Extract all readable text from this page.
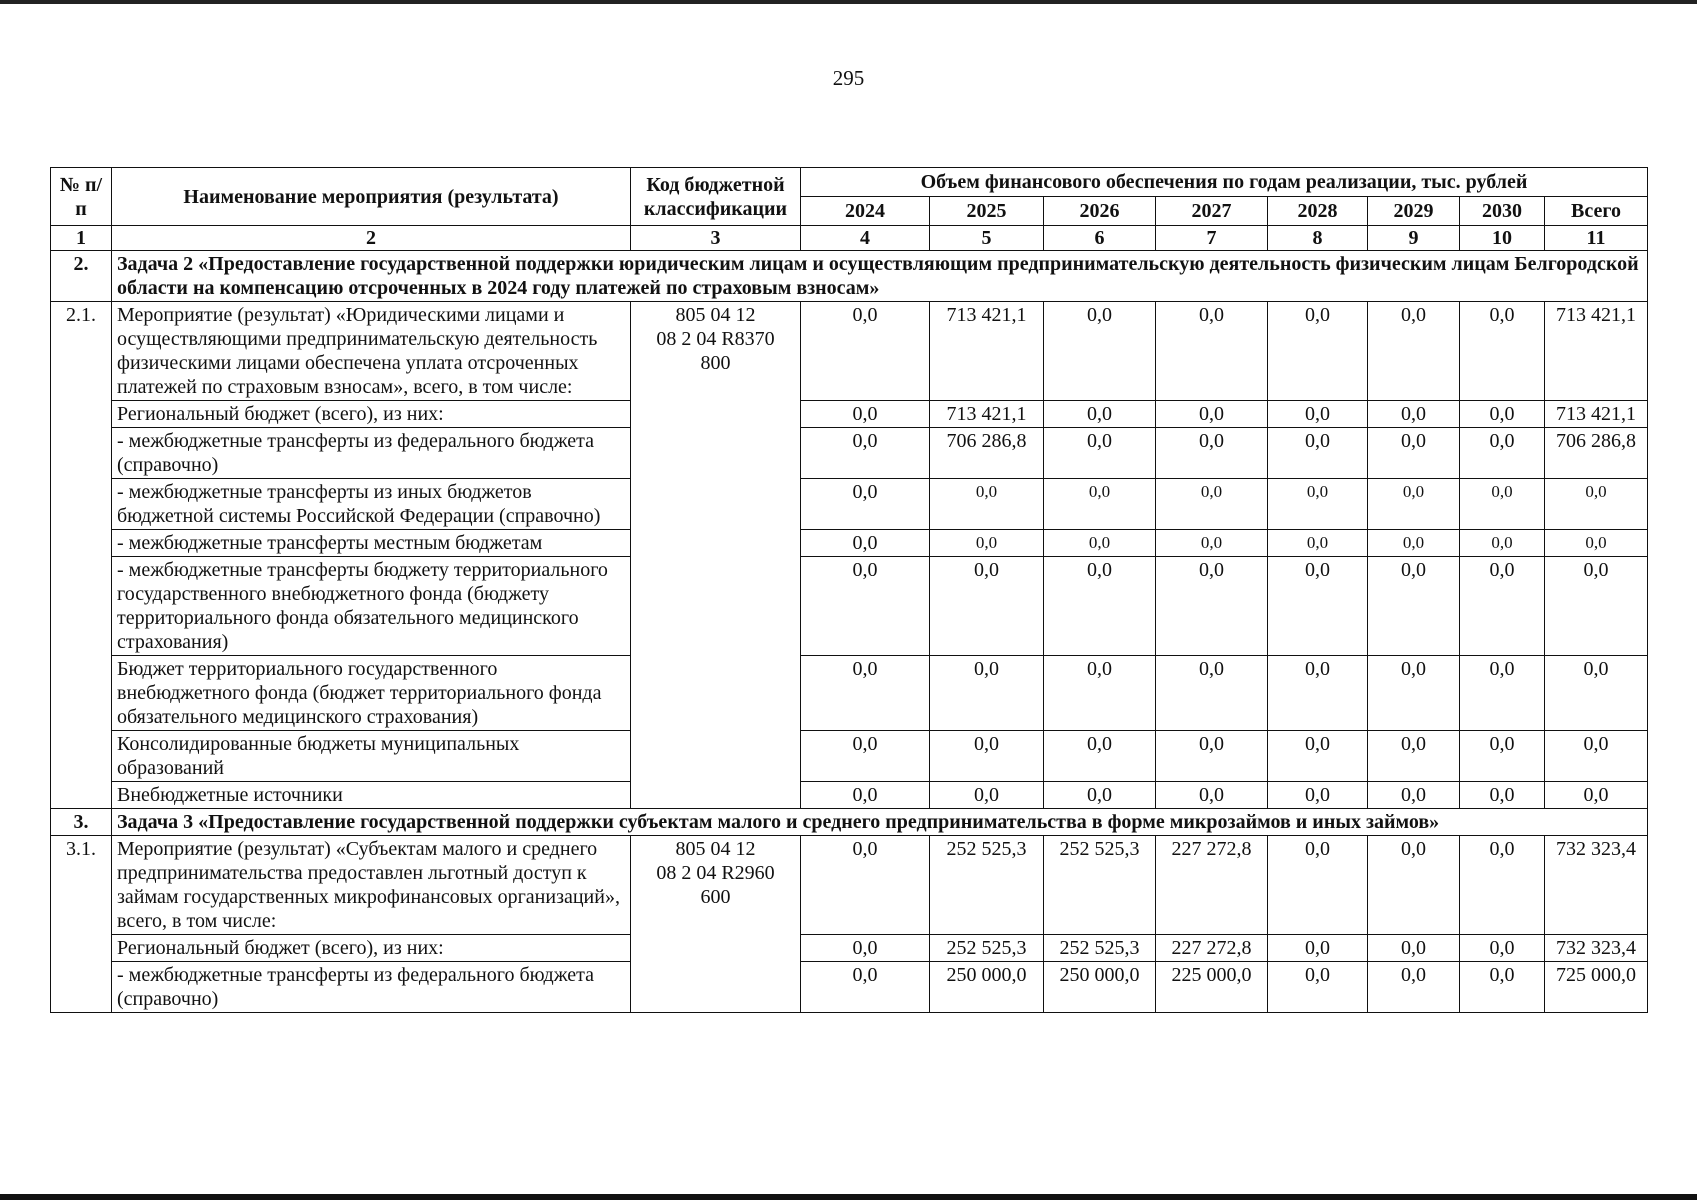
295
№ п/п	Наименование мероприятия (результата)	Код бюджетной классификации	Объем финансового обеспечения по годам реализации, тыс. рублей							
			2024	2025	2026	2027	2028	2029	2030	Всего
1	2	3	4	5	6	7	8	9	10	11
2.	Задача 2 «Предоставление государственной поддержки юридическим лицам и осуществляющим предпринимательскую деятельность физическим лицам Белгородской области на компенсацию отсроченных в 2024 году платежей по страховым взносам»									
2.1.	Мероприятие (результат) «Юридическими лицами и осуществляющими предпринимательскую деятельность физическими лицами обеспечена уплата отсроченных платежей по страховым взносам», всего, в том числе:	805 04 12
08 2 04 R8370
800	0,0	713 421,1	0,0	0,0	0,0	0,0	0,0	713 421,1
	Региональный бюджет (всего), из них:		0,0	713 421,1	0,0	0,0	0,0	0,0	0,0	713 421,1
	- межбюджетные трансферты из федерального бюджета (справочно)		0,0	706 286,8	0,0	0,0	0,0	0,0	0,0	706 286,8
	- межбюджетные трансферты из иных бюджетов бюджетной системы Российской Федерации (справочно)		0,0	0,0	0,0	0,0	0,0	0,0	0,0	0,0
	- межбюджетные трансферты местным бюджетам		0,0	0,0	0,0	0,0	0,0	0,0	0,0	0,0
	- межбюджетные трансферты бюджету территориального государственного внебюджетного фонда (бюджету территориального фонда обязательного медицинского страхования)		0,0	0,0	0,0	0,0	0,0	0,0	0,0	0,0
	Бюджет территориального государственного внебюджетного фонда (бюджет территориального фонда обязательного медицинского страхования)		0,0	0,0	0,0	0,0	0,0	0,0	0,0	0,0
	Консолидированные бюджеты муниципальных образований		0,0	0,0	0,0	0,0	0,0	0,0	0,0	0,0
	Внебюджетные источники		0,0	0,0	0,0	0,0	0,0	0,0	0,0	0,0
3.	Задача 3 «Предоставление государственной поддержки субъектам малого и среднего предпринимательства в форме микрозаймов и иных займов»									
3.1.	Мероприятие (результат) «Субъектам малого и среднего предпринимательства предоставлен льготный доступ к займам государственных микрофинансовых организаций», всего, в том числе:	805 04 12
08 2 04 R2960
600	0,0	252 525,3	252 525,3	227 272,8	0,0	0,0	0,0	732 323,4
	Региональный бюджет (всего), из них:		0,0	252 525,3	252 525,3	227 272,8	0,0	0,0	0,0	732 323,4
	- межбюджетные трансферты из федерального бюджета (справочно)		0,0	250 000,0	250 000,0	225 000,0	0,0	0,0	0,0	725 000,0
